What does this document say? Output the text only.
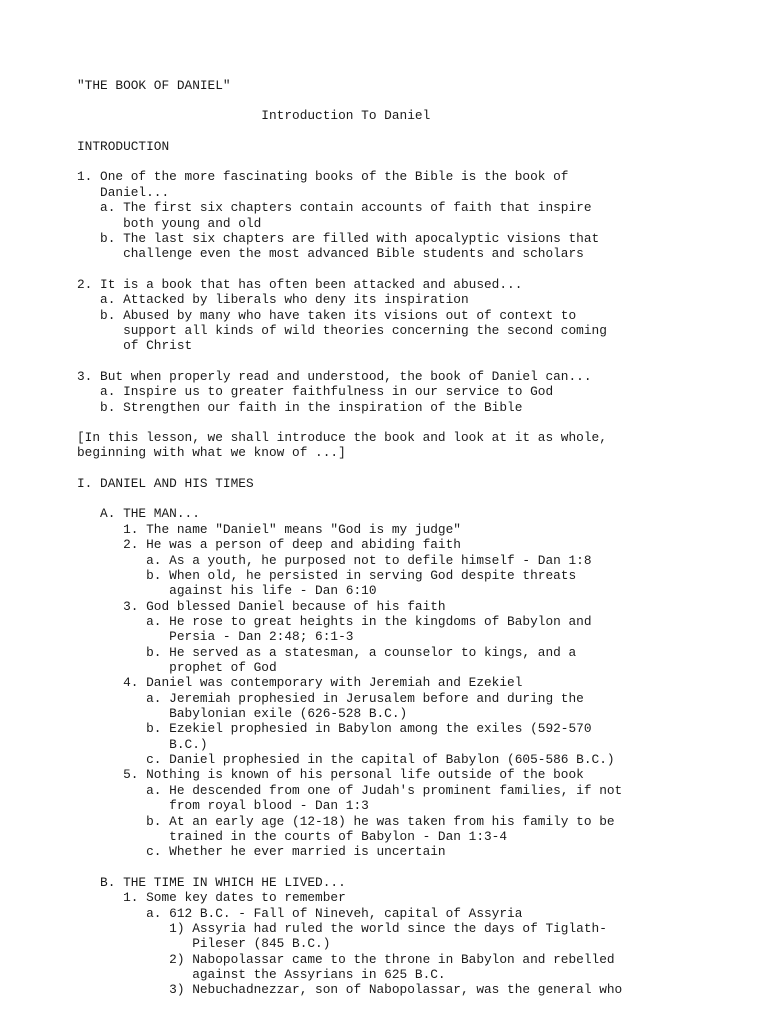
"THE BOOK OF DANIEL"

Introduction To Daniel

INTRODUCTION

1. One of the more fascinating books of the Bible is the book of

Daniel...

a. The first six chapters contain accounts of faith that inspire

both young and old

b. The last six chapters are filled with apocalyptic visions that

challenge even the most advanced Bible students and scholars

2. It is a book that has often been attacked and abused...

a. Attacked by liberals who deny its inspiration

b. Abused by many who have taken its visions out of context to

support all kinds of wild theories concerning the second coming

of Christ

3. But when properly read and understood, the book of Daniel can...

a. Inspire us to greater faithfulness in our service to God

b. Strengthen our faith in the inspiration of the Bible

[In this lesson, we shall introduce the book and look at it as whole,

beginning with what we know of ...]

I. DANIEL AND HIS TIMES

A. THE MAN...

1. The name "Daniel" means "God is my judge"

2. He was a person of deep and abiding faith

a. As a youth, he purposed not to defile himself - Dan 1:8

b. When old, he persisted in serving God despite threats

against his life - Dan 6:10

3. God blessed Daniel because of his faith

a. He rose to great heights in the kingdoms of Babylon and

Persia - Dan 2:48; 6:1-3

b. He served as a statesman, a counselor to kings, and a

prophet of God

4. Daniel was contemporary with Jeremiah and Ezekiel

a. Jeremiah prophesied in Jerusalem before and during the

Babylonian exile (626-528 B.C.)

b. Ezekiel prophesied in Babylon among the exiles (592-570

B.C.)

c. Daniel prophesied in the capital of Babylon (605-586 B.C.)

5. Nothing is known of his personal life outside of the book

a. He descended from one of Judah's prominent families, if not

from royal blood - Dan 1:3

b. At an early age (12-18) he was taken from his family to be

trained in the courts of Babylon - Dan 1:3-4

c. Whether he ever married is uncertain

B. THE TIME IN WHICH HE LIVED...

1. Some key dates to remember

a. 612 B.C. - Fall of Nineveh, capital of Assyria

1) Assyria had ruled the world since the days of Tiglath-

Pileser (845 B.C.)

2) Nabopolassar came to the throne in Babylon and rebelled

against the Assyrians in 625 B.C.

3) Nebuchadnezzar, son of Nabopolassar, was the general who
